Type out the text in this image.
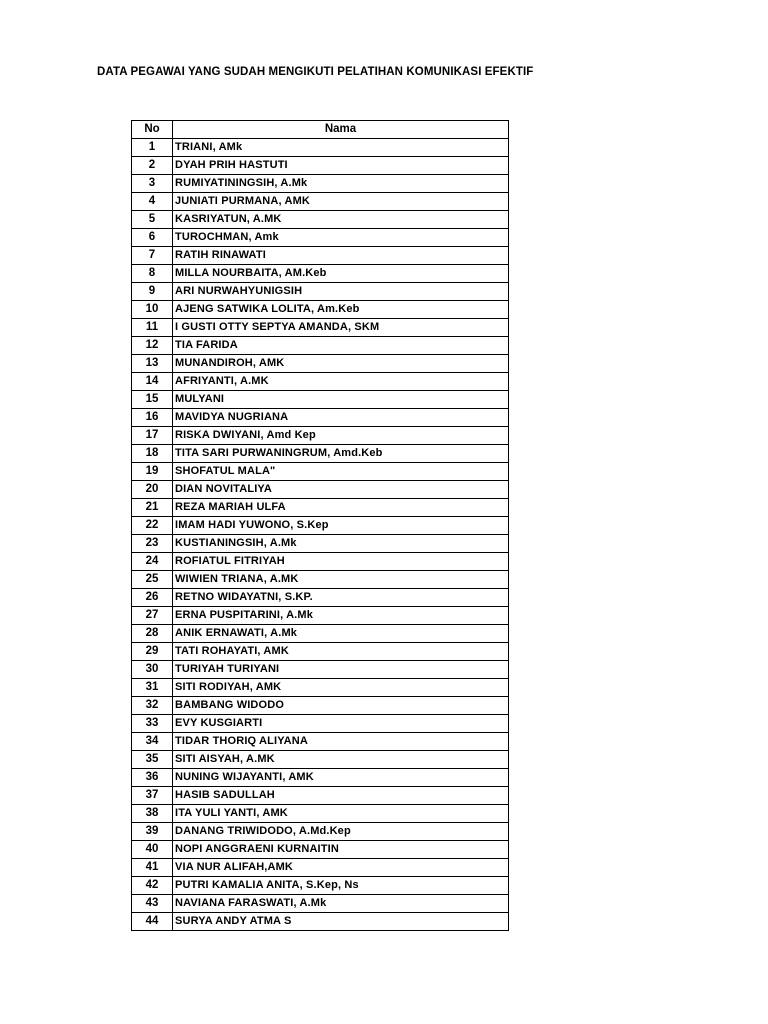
DATA PEGAWAI YANG SUDAH MENGIKUTI PELATIHAN KOMUNIKASI EFEKTIF
No	Nama
1	TRIANI, AMk
2	DYAH PRIH HASTUTI
3	RUMIYATININGSIH, A.Mk
4	JUNIATI PURMANA, AMK
5	KASRIYATUN, A.MK
6	TUROCHMAN, Amk
7	RATIH RINAWATI
8	MILLA NOURBAITA, AM.Keb
9	ARI NURWAHYUNIGSIH
10	AJENG SATWIKA LOLITA, Am.Keb
11	I GUSTI OTTY SEPTYA AMANDA, SKM
12	TIA FARIDA
13	MUNANDIROH, AMK
14	AFRIYANTI, A.MK
15	MULYANI
16	MAVIDYA NUGRIANA
17	RISKA DWIYANI, Amd Kep
18	TITA SARI PURWANINGRUM, Amd.Keb
19	SHOFATUL MALA"
20	DIAN NOVITALIYA
21	REZA MARIAH ULFA
22	IMAM HADI YUWONO, S.Kep
23	KUSTIANINGSIH, A.Mk
24	ROFIATUL FITRIYAH
25	WIWIEN TRIANA, A.MK
26	RETNO WIDAYATNI, S.KP.
27	ERNA PUSPITARINI, A.Mk
28	ANIK ERNAWATI, A.Mk
29	TATI ROHAYATI, AMK
30	TURIYAH TURIYANI
31	SITI RODIYAH, AMK
32	BAMBANG WIDODO
33	EVY KUSGIARTI
34	TIDAR THORIQ ALIYANA
35	SITI AISYAH, A.MK
36	NUNING WIJAYANTI, AMK
37	HASIB SADULLAH
38	ITA YULI YANTI, AMK
39	DANANG TRIWIDODO, A.Md.Kep
40	NOPI ANGGRAENI KURNAITIN
41	VIA NUR ALIFAH,AMK
42	PUTRI KAMALIA ANITA, S.Kep, Ns
43	NAVIANA FARASWATI, A.Mk
44	SURYA ANDY ATMA S
